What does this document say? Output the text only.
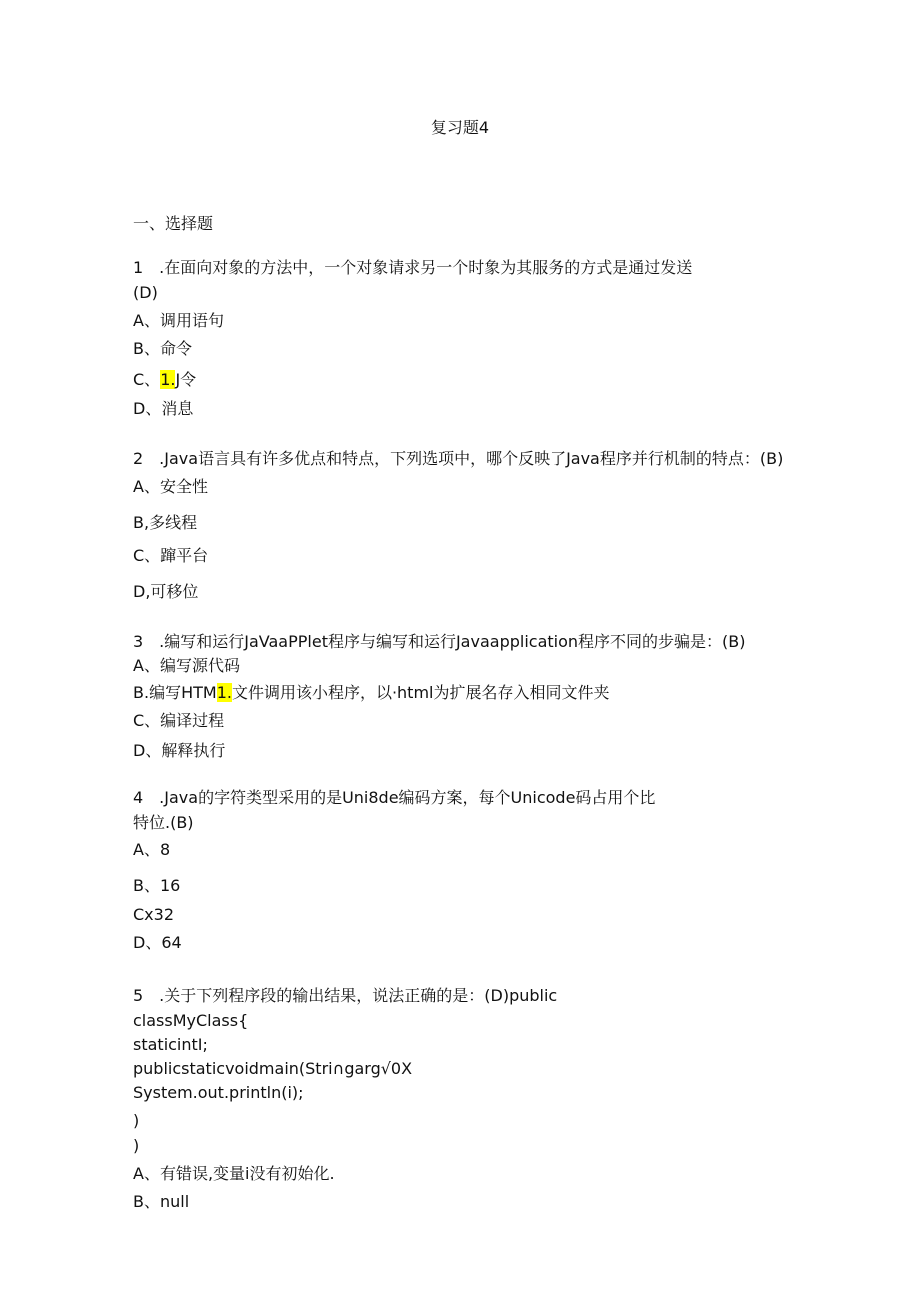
复习题4
一、选择题
1　.在面向对象的方法中，一个对象请求另一个时象为其服务的方式是通过发送
(D)
A、调用语句
B、命令
C、1.J令
D、消息
2　.Java语言具有许多优点和特点，下列选项中，哪个反映了Java程序并行机制的特点：(B)
A、安全性
B,多线程
C、蹿平台
D,可移位
3　.编写和运行JaVaaPPlet程序与编写和运行Javaapplication程序不同的步骗是：(B)
A、编写源代码
B.编写HTM1.文件调用该小程序，以·html为扩展名存入相同文件夹
C、编译过程
D、解释执行
4　.Java的字符类型采用的是Uni8de编码方案，每个Unicode码占用个比
特位.(B)
A、8
B、16
Cx32
D、64
5　.关于下列程序段的输出结果，说法正确的是：(D)public
classMyClass{
staticintI;
publicstaticvoidmain(Stri∩garg√0X
System.out.println(i);
)
)
A、有错误,变量i没有初始化.
B、null
